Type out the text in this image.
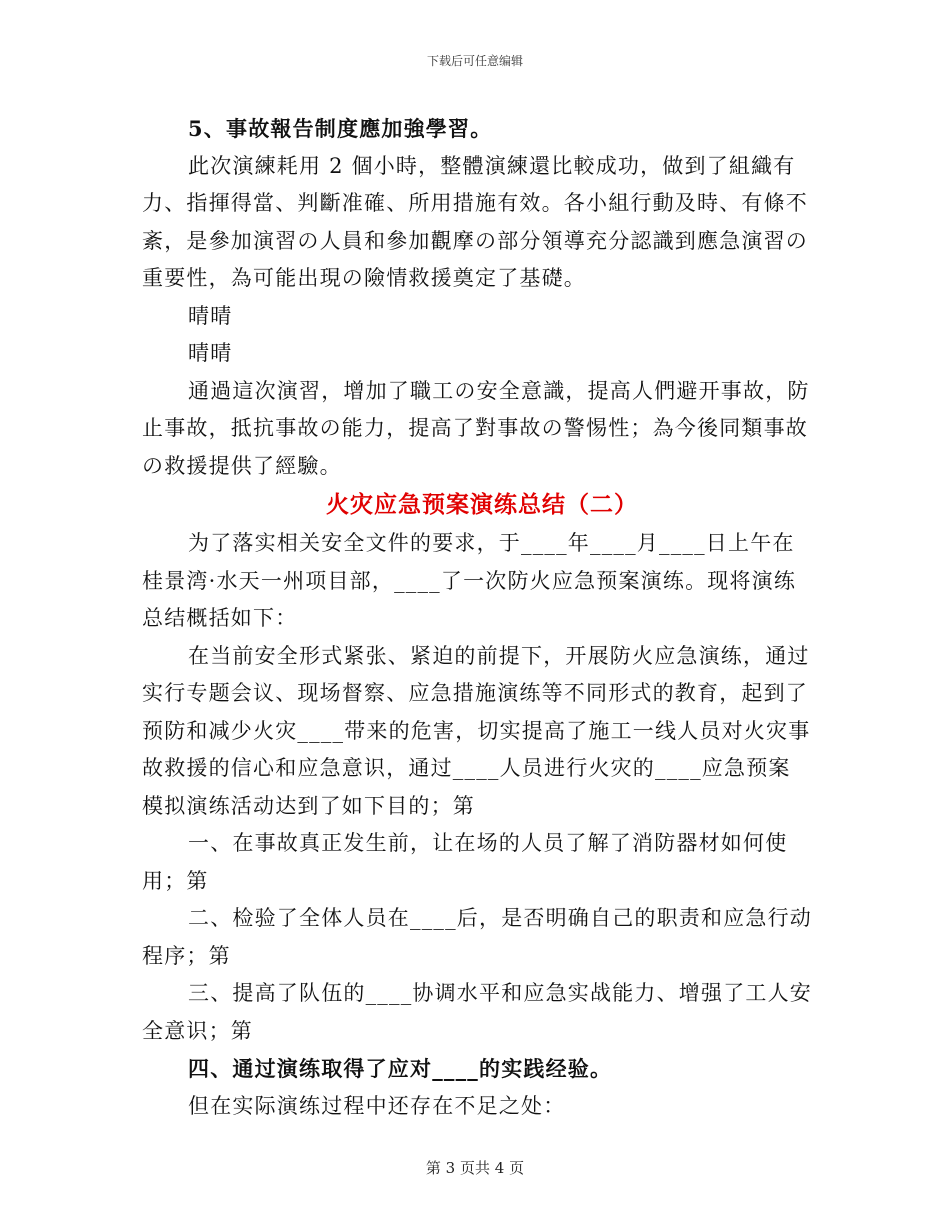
下载后可任意编辑

5、事故報告制度應加強學習。

此次演練耗用 2 個小時，整體演練還比較成功，做到了組織有力、指揮得當、判斷准確、所用措施有效。各小組行動及時、有條不紊，是參加演習の人員和參加觀摩の部分領導充分認識到應急演習の重要性，為可能出現の險情救援奠定了基礎。

晴晴

晴晴

通過這次演習，增加了職工の安全意識，提高人們避开事故，防止事故，抵抗事故の能力，提高了對事故の警惕性；為今後同類事故の救援提供了經驗。

火灾应急预案演练总结（二）

为了落实相关安全文件的要求，于____年____月____日上午在桂景湾·水天一州项目部，____了一次防火应急预案演练。现将演练总结概括如下：

在当前安全形式紧张、紧迫的前提下，开展防火应急演练，通过实行专题会议、现场督察、应急措施演练等不同形式的教育，起到了预防和减少火灾____带来的危害，切实提高了施工一线人员对火灾事故救援的信心和应急意识，通过____人员进行火灾的____应急预案模拟演练活动达到了如下目的；第

一、在事故真正发生前，让在场的人员了解了消防器材如何使用；第

二、检验了全体人员在____后，是否明确自己的职责和应急行动程序；第

三、提高了队伍的____协调水平和应急实战能力、增强了工人安全意识；第

四、通过演练取得了应对____的实践经验。

但在实际演练过程中还存在不足之处：

第 3 页共 4 页
